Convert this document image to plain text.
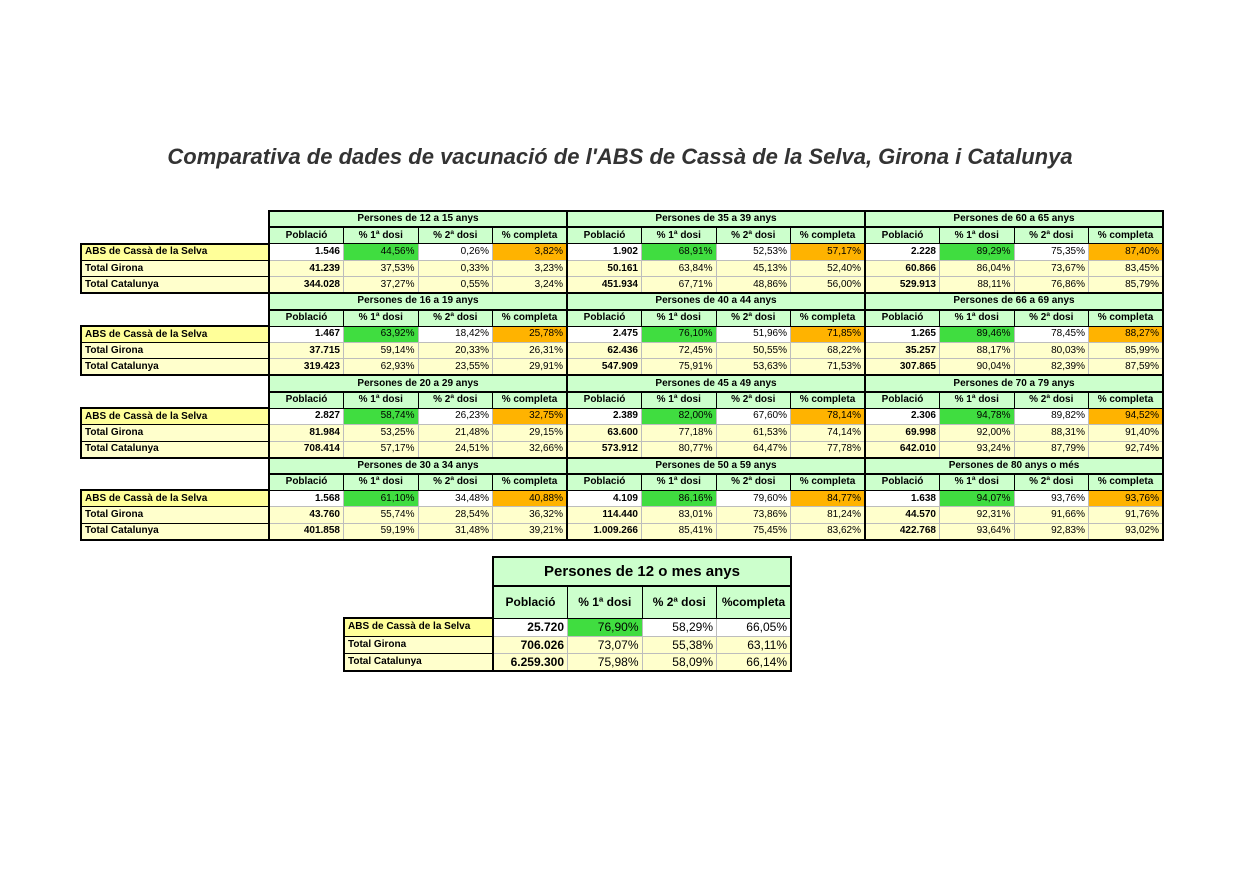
Comparativa de dades de vacunació de l'ABS de Cassà de la Selva, Girona i Catalunya
	Persones de 12 a 15 anys				Persones de 35 a 39 anys				Persones de 60 a 65 anys			
	Població	% 1ª dosi	% 2ª dosi	% completa	Població	% 1ª dosi	% 2ª dosi	% completa	Població	% 1ª dosi	% 2ª dosi	% completa
ABS de Cassà de la Selva	1.546	44,56%	0,26%	3,82%	1.902	68,91%	52,53%	57,17%	2.228	89,29%	75,35%	87,40%
Total Girona	41.239	37,53%	0,33%	3,23%	50.161	63,84%	45,13%	52,40%	60.866	86,04%	73,67%	83,45%
Total Catalunya	344.028	37,27%	0,55%	3,24%	451.934	67,71%	48,86%	56,00%	529.913	88,11%	76,86%	85,79%
	Persones de 16 a 19 anys				Persones de 40 a 44 anys				Persones de 66 a 69 anys			
	Població	% 1ª dosi	% 2ª dosi	% completa	Població	% 1ª dosi	% 2ª dosi	% completa	Població	% 1ª dosi	% 2ª dosi	% completa
ABS de Cassà de la Selva	1.467	63,92%	18,42%	25,78%	2.475	76,10%	51,96%	71,85%	1.265	89,46%	78,45%	88,27%
Total Girona	37.715	59,14%	20,33%	26,31%	62.436	72,45%	50,55%	68,22%	35.257	88,17%	80,03%	85,99%
Total Catalunya	319.423	62,93%	23,55%	29,91%	547.909	75,91%	53,63%	71,53%	307.865	90,04%	82,39%	87,59%
	Persones de 20 a 29 anys				Persones de 45 a 49 anys				Persones de 70 a 79 anys			
	Població	% 1ª dosi	% 2ª dosi	% completa	Població	% 1ª dosi	% 2ª dosi	% completa	Població	% 1ª dosi	% 2ª dosi	% completa
ABS de Cassà de la Selva	2.827	58,74%	26,23%	32,75%	2.389	82,00%	67,60%	78,14%	2.306	94,78%	89,82%	94,52%
Total Girona	81.984	53,25%	21,48%	29,15%	63.600	77,18%	61,53%	74,14%	69.998	92,00%	88,31%	91,40%
Total Catalunya	708.414	57,17%	24,51%	32,66%	573.912	80,77%	64,47%	77,78%	642.010	93,24%	87,79%	92,74%
	Persones de 30 a 34 anys				Persones de 50 a 59 anys				Persones de 80 anys o més			
	Població	% 1ª dosi	% 2ª dosi	% completa	Població	% 1ª dosi	% 2ª dosi	% completa	Població	% 1ª dosi	% 2ª dosi	% completa
ABS de Cassà de la Selva	1.568	61,10%	34,48%	40,88%	4.109	86,16%	79,60%	84,77%	1.638	94,07%	93,76%	93,76%
Total Girona	43.760	55,74%	28,54%	36,32%	114.440	83,01%	73,86%	81,24%	44.570	92,31%	91,66%	91,76%
Total Catalunya	401.858	59,19%	31,48%	39,21%	1.009.266	85,41%	75,45%	83,62%	422.768	93,64%	92,83%	93,02%
	Persones de 12 o mes anys			
	Població	% 1ª dosi	% 2ª dosi	%completa
ABS de Cassà de la Selva	25.720	76,90%	58,29%	66,05%
Total Girona	706.026	73,07%	55,38%	63,11%
Total Catalunya	6.259.300	75,98%	58,09%	66,14%
